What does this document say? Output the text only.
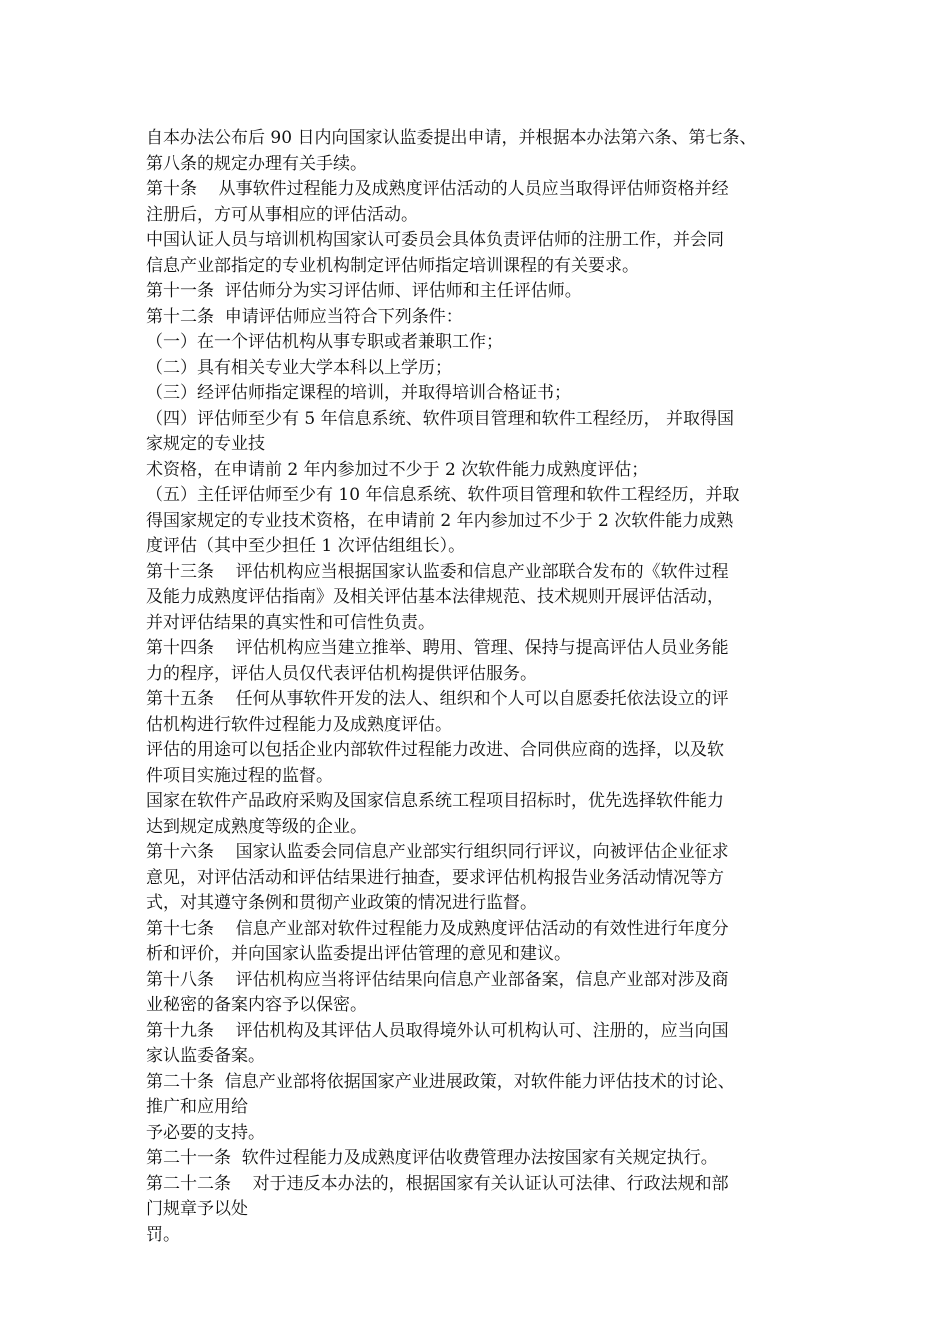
自本办法公布后 90 日内向国家认监委提出申请，并根据本办法第六条、第七条、
第八条的规定办理有关手续。
第十条    从事软件过程能力及成熟度评估活动的人员应当取得评估师资格并经
注册后，方可从事相应的评估活动。
中国认证人员与培训机构国家认可委员会具体负责评估师的注册工作，并会同
信息产业部指定的专业机构制定评估师指定培训课程的有关要求。
第十一条  评估师分为实习评估师、评估师和主任评估师。
第十二条  申请评估师应当符合下列条件：
（一）在一个评估机构从事专职或者兼职工作；
（二）具有相关专业大学本科以上学历；
（三）经评估师指定课程的培训，并取得培训合格证书；
（四）评估师至少有 5 年信息系统、软件项目管理和软件工程经历， 并取得国
家规定的专业技
术资格，在申请前 2 年内参加过不少于 2 次软件能力成熟度评估；
（五）主任评估师至少有 10 年信息系统、软件项目管理和软件工程经历，并取
得国家规定的专业技术资格，在申请前 2 年内参加过不少于 2 次软件能力成熟
度评估（其中至少担任 1 次评估组组长）。
第十三条    评估机构应当根据国家认监委和信息产业部联合发布的《软件过程
及能力成熟度评估指南》及相关评估基本法律规范、技术规则开展评估活动，
并对评估结果的真实性和可信性负责。
第十四条    评估机构应当建立推举、聘用、管理、保持与提高评估人员业务能
力的程序，评估人员仅代表评估机构提供评估服务。
第十五条    任何从事软件开发的法人、组织和个人可以自愿委托依法设立的评
估机构进行软件过程能力及成熟度评估。
评估的用途可以包括企业内部软件过程能力改进、合同供应商的选择，以及软
件项目实施过程的监督。
国家在软件产品政府采购及国家信息系统工程项目招标时，优先选择软件能力
达到规定成熟度等级的企业。
第十六条    国家认监委会同信息产业部实行组织同行评议，向被评估企业征求
意见，对评估活动和评估结果进行抽查，要求评估机构报告业务活动情况等方
式，对其遵守条例和贯彻产业政策的情况进行监督。
第十七条    信息产业部对软件过程能力及成熟度评估活动的有效性进行年度分
析和评价，并向国家认监委提出评估管理的意见和建议。
第十八条    评估机构应当将评估结果向信息产业部备案，信息产业部对涉及商
业秘密的备案内容予以保密。
第十九条    评估机构及其评估人员取得境外认可机构认可、注册的，应当向国
家认监委备案。
第二十条  信息产业部将依据国家产业进展政策，对软件能力评估技术的讨论、
推广和应用给
予必要的支持。
第二十一条  软件过程能力及成熟度评估收费管理办法按国家有关规定执行。
第二十二条    对于违反本办法的，根据国家有关认证认可法律、行政法规和部
门规章予以处
罚。
